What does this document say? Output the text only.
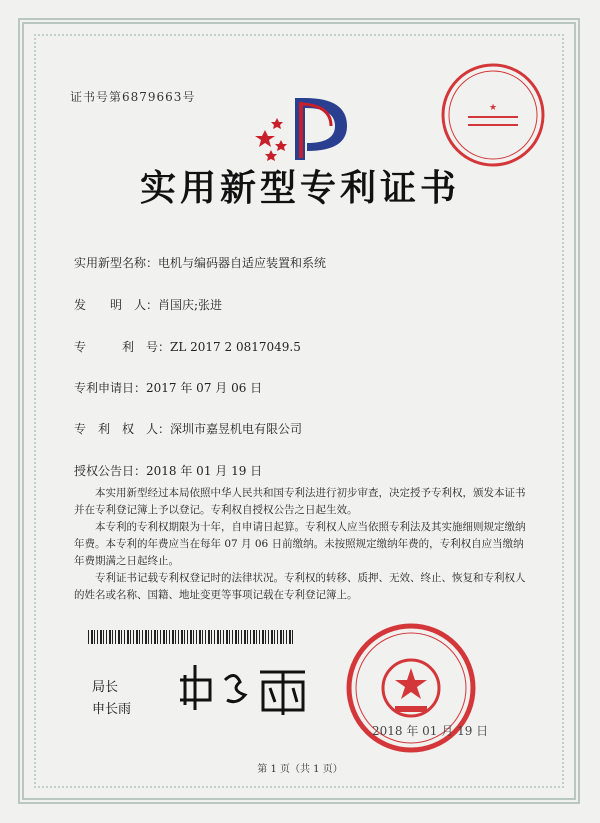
★
证书号第6879663号
实用新型专利证书
实用新型名称：电机与编码器自适应装置和系统
发　　明　人：肖国庆;张进
专　　　利　号：ZL 2017 2 0817049.5
专利申请日：2017 年 07 月 06 日
专　利　权　人：深圳市嘉昱机电有限公司
授权公告日：2018 年 01 月 19 日

本实用新型经过本局依照中华人民共和国专利法进行初步审查，决定授予专利权，颁发本证书并在专利登记簿上予以登记。专利权自授权公告之日起生效。

本专利的专利权期限为十年，自申请日起算。专利权人应当依照专利法及其实施细则规定缴纳年费。本专利的年费应当在每年 07 月 06 日前缴纳。未按照规定缴纳年费的，专利权自应当缴纳年费期满之日起终止。

专利证书记载专利权登记时的法律状况。专利权的转移、质押、无效、终止、恢复和专利权人的姓名或名称、国籍、地址变更等事项记载在专利登记簿上。

局长
申长雨
2018 年 01 月 19 日
第 1 页（共 1 页）
